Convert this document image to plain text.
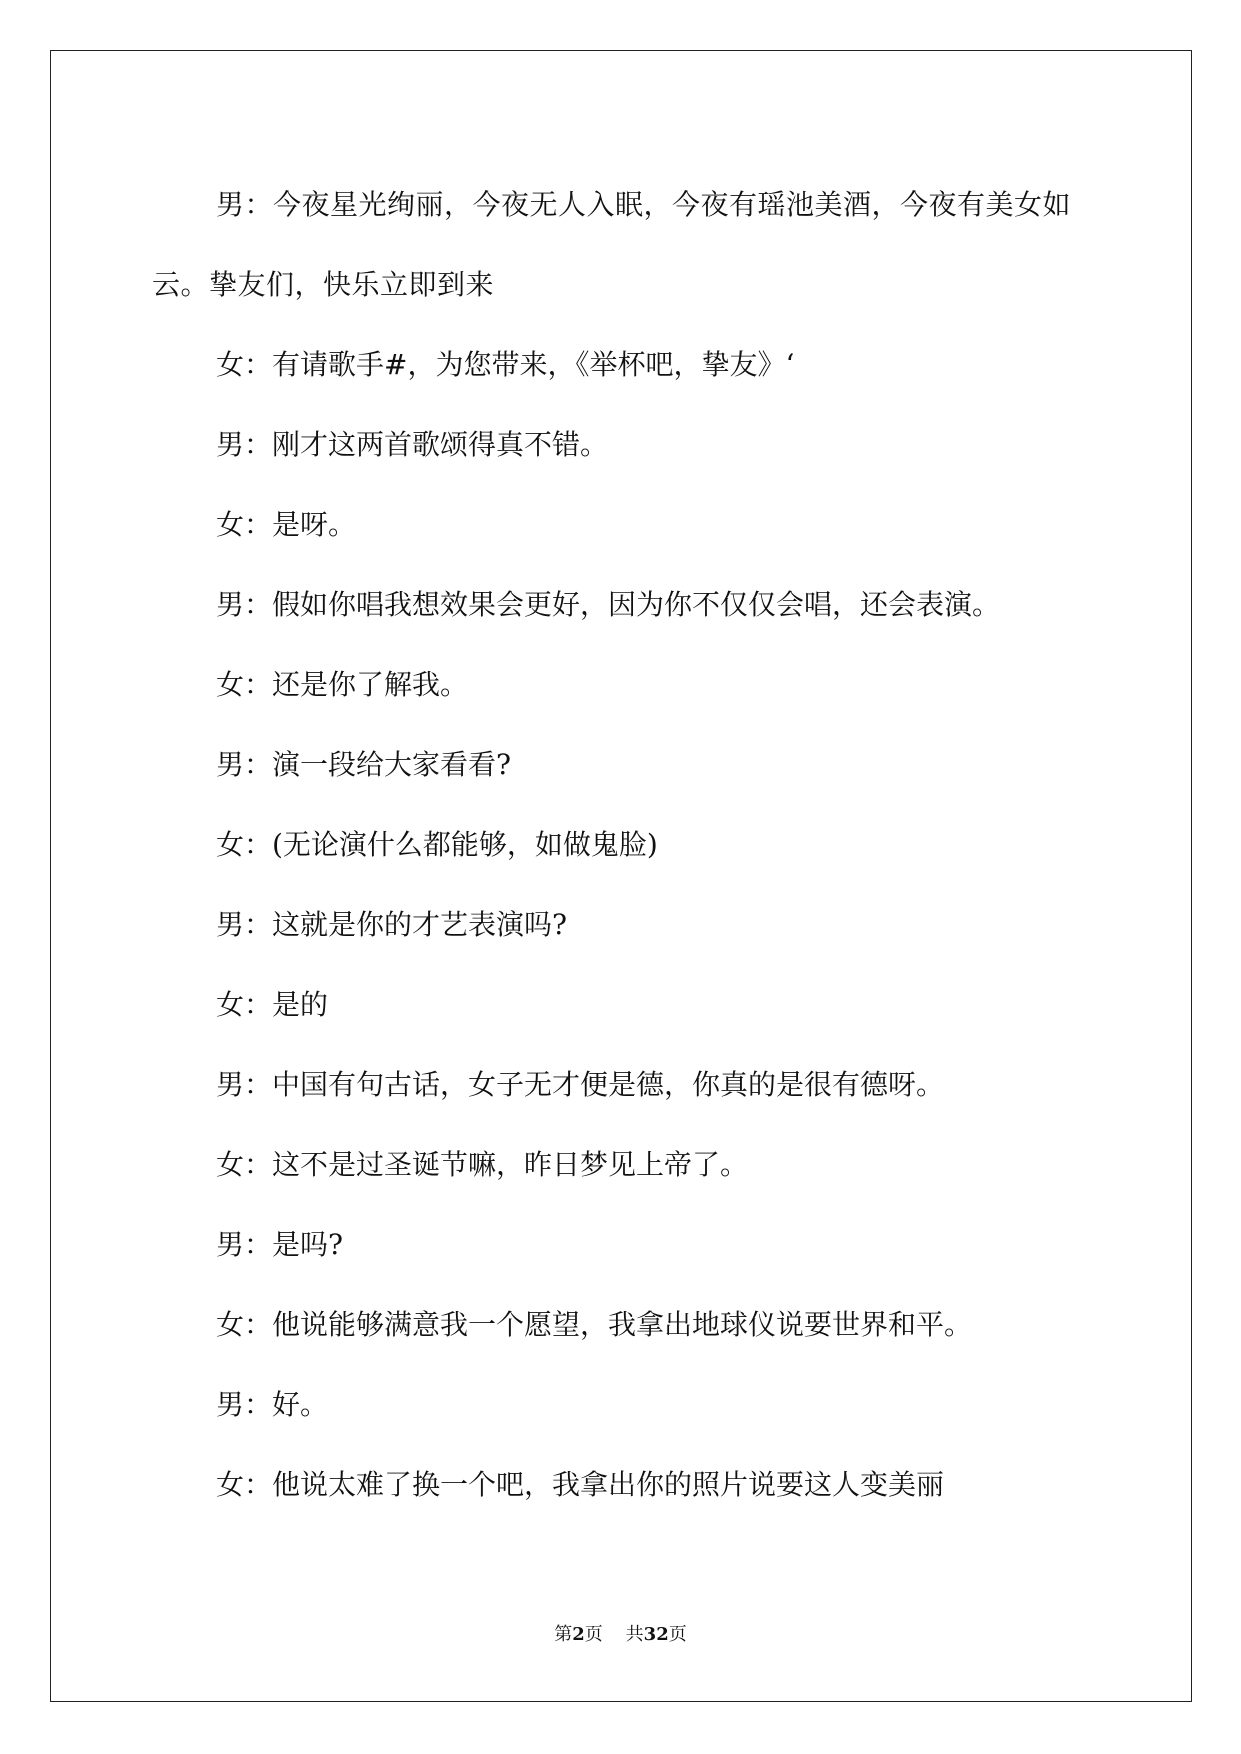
男：今夜星光绚丽，今夜无人入眠，今夜有瑶池美酒，今夜有美女如云。挚友们，快乐立即到来

女：有请歌手#，为您带来，《举杯吧，挚友》‘

男：刚才这两首歌颂得真不错。

女：是呀。

男：假如你唱我想效果会更好，因为你不仅仅会唱，还会表演。

女：还是你了解我。

男：演一段给大家看看?

女：(无论演什么都能够，如做鬼脸)

男：这就是你的才艺表演吗?

女：是的

男：中国有句古话，女子无才便是德，你真的是很有德呀。

女：这不是过圣诞节嘛，昨日梦见上帝了。

男：是吗?

女：他说能够满意我一个愿望，我拿出地球仪说要世界和平。

男：好。

女：他说太难了换一个吧，我拿出你的照片说要这人变美丽

第2页 共32页
